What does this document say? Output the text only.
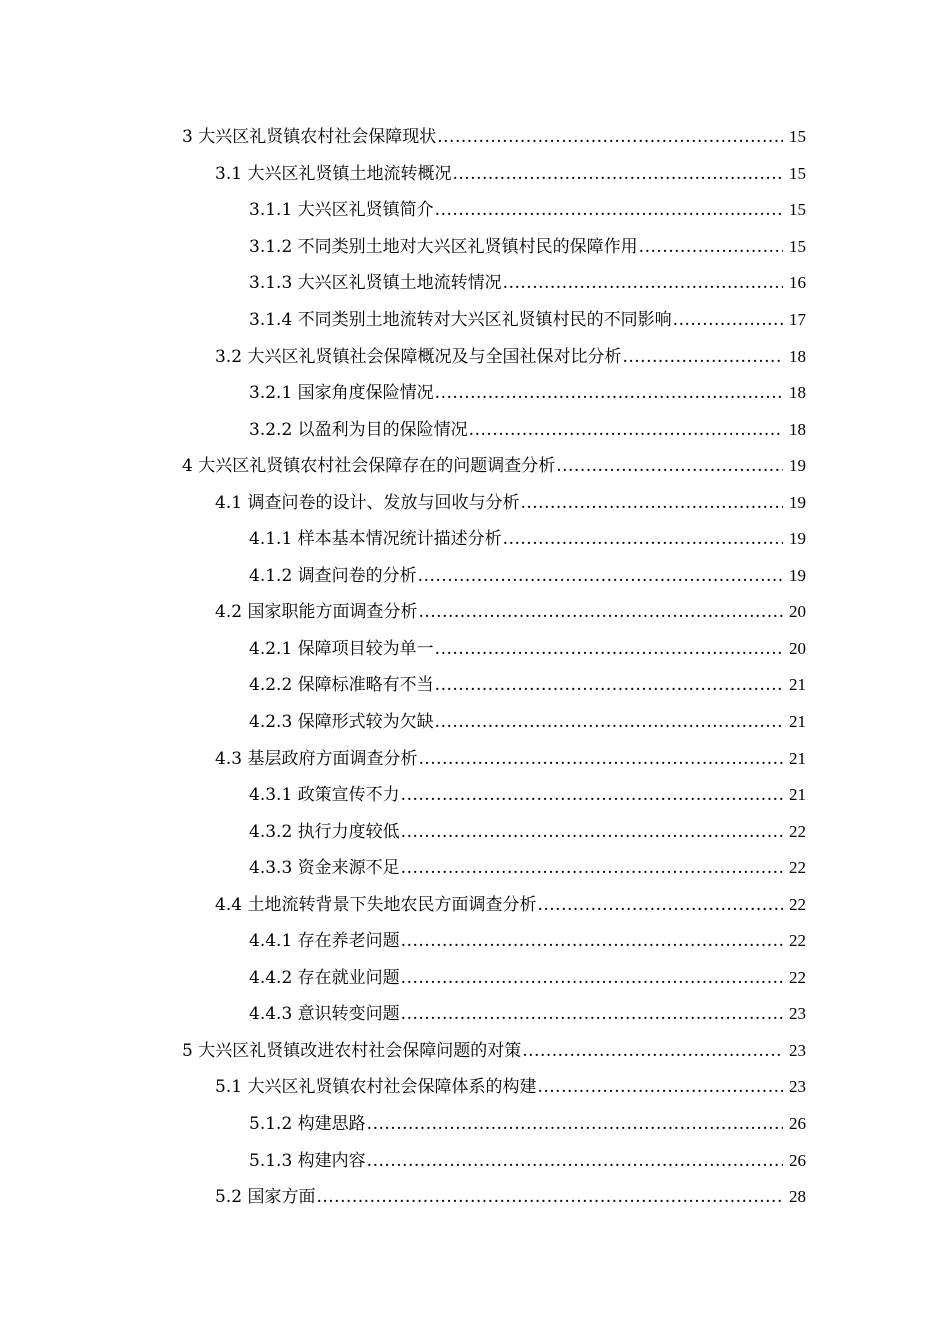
3 大兴区礼贤镇农村社会保障现状 .....	15
3.1 大兴区礼贤镇土地流转概况 .....	15
3.1.1 大兴区礼贤镇简介 .....	15
3.1.2 不同类别土地对大兴区礼贤镇村民的保障作用 .....	15
3.1.3 大兴区礼贤镇土地流转情况 .....	16
3.1.4 不同类别土地流转对大兴区礼贤镇村民的不同影响 .....	17
3.2 大兴区礼贤镇社会保障概况及与全国社保对比分析 .....	18
3.2.1 国家角度保险情况 .....	18
3.2.2 以盈利为目的保险情况 .....	18
4 大兴区礼贤镇农村社会保障存在的问题调查分析 .....	19
4.1 调查问卷的设计、发放与回收与分析 .....	19
4.1.1 样本基本情况统计描述分析 .....	19
4.1.2 调查问卷的分析 .....	19
4.2 国家职能方面调查分析 .....	20
4.2.1 保障项目较为单一 .....	20
4.2.2 保障标准略有不当 .....	21
4.2.3 保障形式较为欠缺 .....	21
4.3 基层政府方面调查分析 .....	21
4.3.1 政策宣传不力 .....	21
4.3.2 执行力度较低 .....	22
4.3.3 资金来源不足 .....	22
4.4 土地流转背景下失地农民方面调查分析 .....	22
4.4.1 存在养老问题 .....	22
4.4.2 存在就业问题 .....	22
4.4.3 意识转变问题 .....	23
5 大兴区礼贤镇改进农村社会保障问题的对策 .....	23
5.1 大兴区礼贤镇农村社会保障体系的构建 .....	23
5.1.2 构建思路 .....	26
5.1.3 构建内容 .....	26
5.2 国家方面 .....	28
